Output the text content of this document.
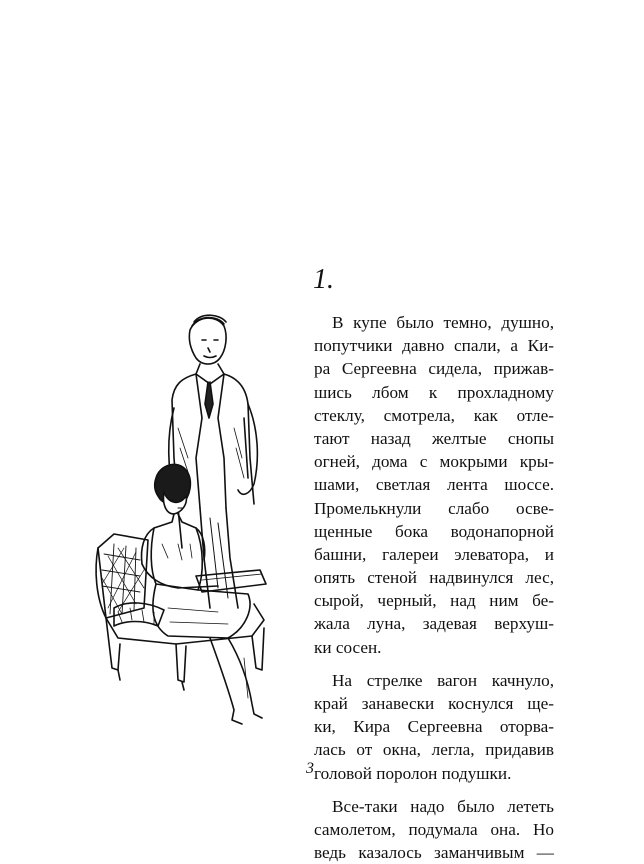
1.
В купе было темно, душно,
попутчики давно спали, а Ки-
ра Сергеевна сидела, прижав-
шись лбом к прохладному
стеклу, смотрела, как отле-
тают назад желтые снопы
огней, дома с мокрыми кры-
шами, светлая лента шоссе.
Промелькнули слабо осве-
щенные бока водонапорной
башни, галереи элеватора, и
опять стеной надвинулся лес,
сырой, черный, над ним бе-
жала луна, задевая верхуш-
ки сосен.
На стрелке вагон качнуло,
край занавески коснулся ще-
ки, Кира Сергеевна оторва-
лась от окна, легла, придавив
головой поролон подушки.
Все-таки надо было лететь
самолетом, подумала она. Но
ведь казалось заманчивым —
3
